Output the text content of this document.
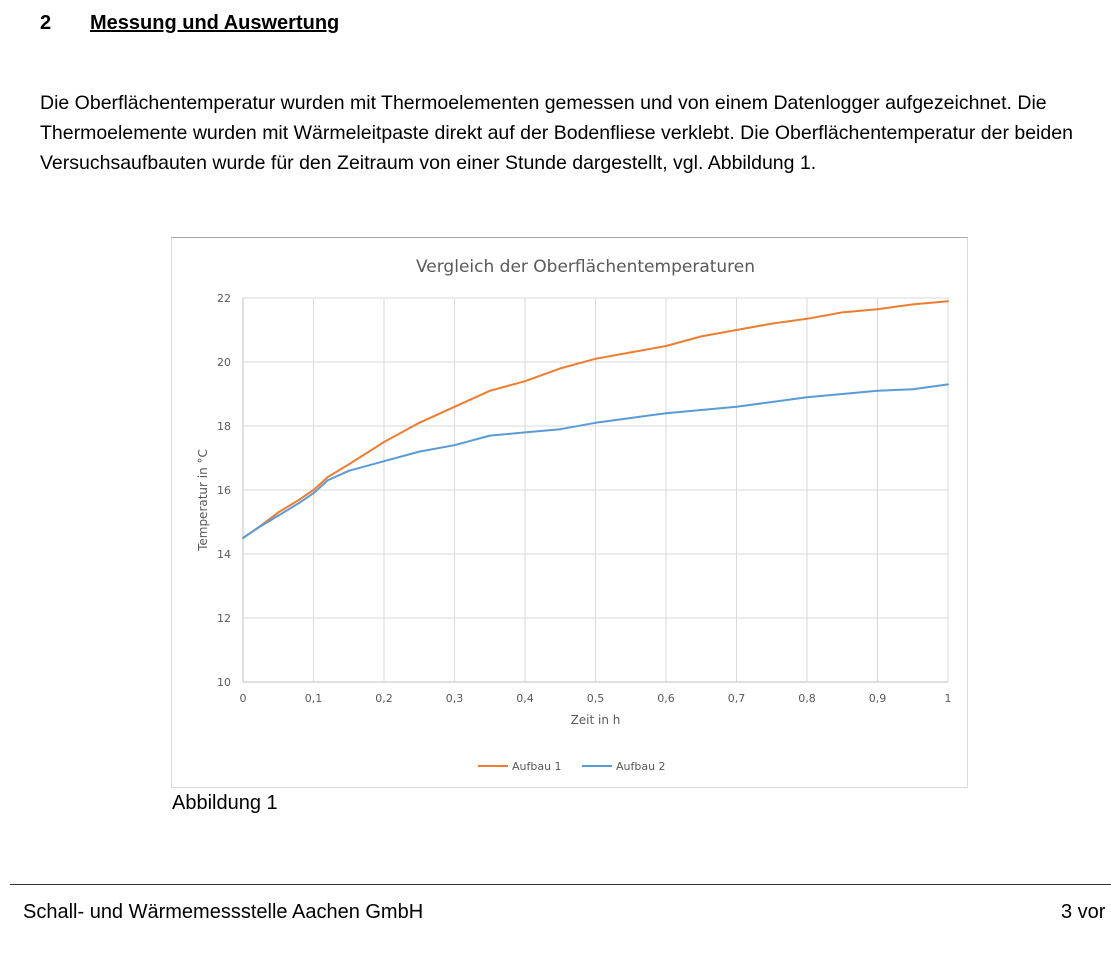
2 Messung und Auswertung

Die Oberflächentemperatur wurden mit Thermoelementen gemessen und von einem Datenlogger aufgezeichnet. Die Thermoelemente wurden mit Wärmeleitpaste direkt auf der Bodenfliese verklebt. Die Oberflächentemperatur der beiden Versuchsaufbauten wurde für den Zeitraum von einer Stunde dargestellt, vgl. Abbildung 1.

10
12
14
16
18
20
22
0	0,1	0,2	0,3	0,4	0,5	0,6	0,7	0,8	0,9	1
Vergleich der Oberflächentemperaturen
Zeit in h
Temperatur in °C
Aufbau 1	Aufbau 2
Abbildung 1
Schall- und Wärmemessstelle Aachen GmbH	3 vor
